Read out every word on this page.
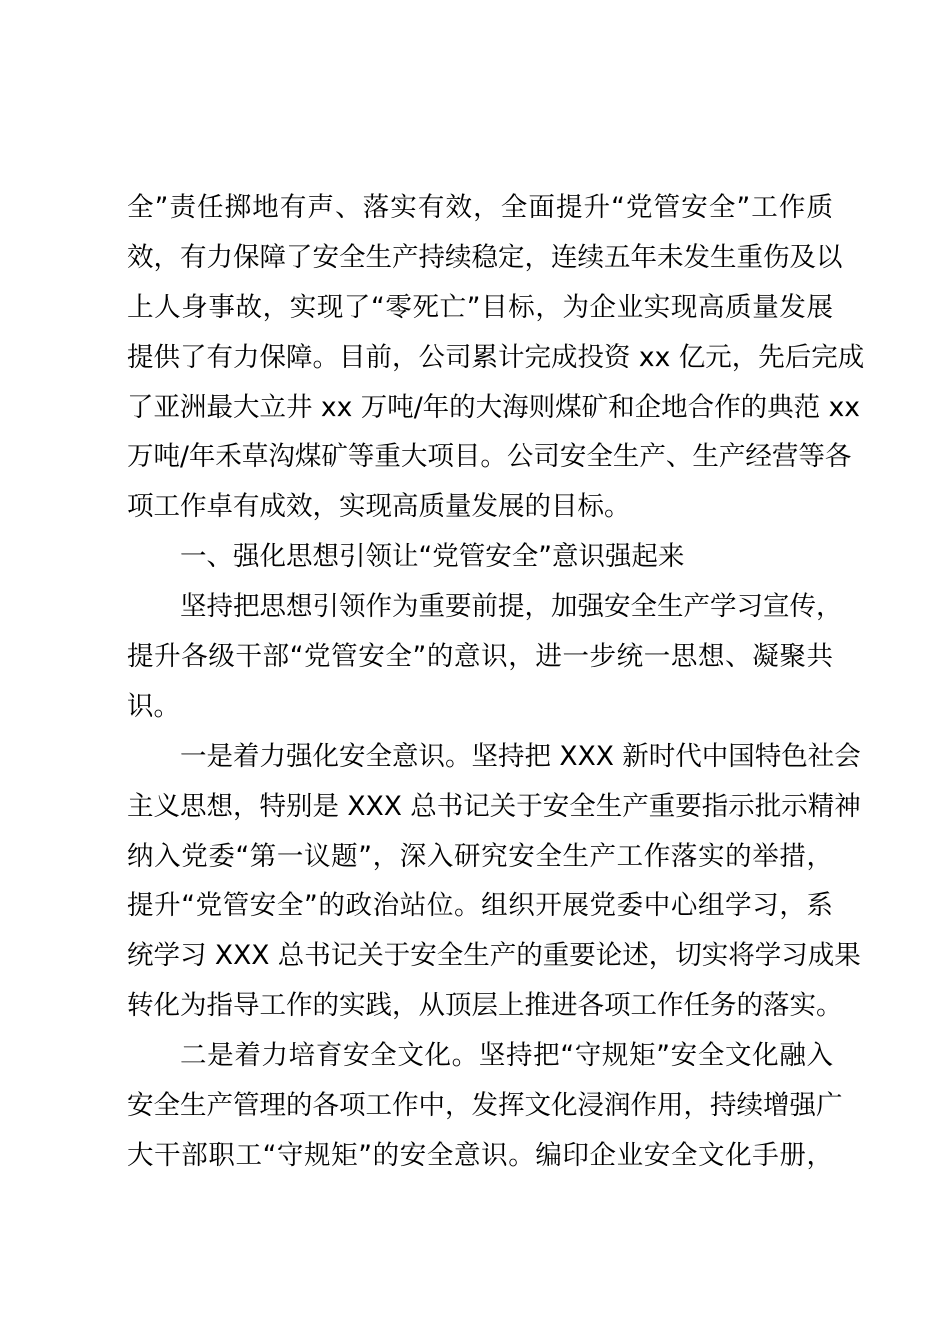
全”责任掷地有声、落实有效，全面提升“党管安全”工作质
效，有力保障了安全生产持续稳定，连续五年未发生重伤及以
上人身事故，实现了“零死亡”目标，为企业实现高质量发展
提供了有力保障。目前，公司累计完成投资 xx 亿元，先后完成
了亚洲最大立井 xx 万吨/年的大海则煤矿和企地合作的典范 xx
万吨/年禾草沟煤矿等重大项目。公司安全生产、生产经营等各
项工作卓有成效，实现高质量发展的目标。
一、强化思想引领让“党管安全”意识强起来
坚持把思想引领作为重要前提，加强安全生产学习宣传，
提升各级干部“党管安全”的意识，进一步统一思想、凝聚共
识。
一是着力强化安全意识。坚持把 XXX 新时代中国特色社会
主义思想，特别是 XXX 总书记关于安全生产重要指示批示精神
纳入党委“第一议题”，深入研究安全生产工作落实的举措，
提升“党管安全”的政治站位。组织开展党委中心组学习，系
统学习 XXX 总书记关于安全生产的重要论述，切实将学习成果
转化为指导工作的实践，从顶层上推进各项工作任务的落实。
二是着力培育安全文化。坚持把“守规矩”安全文化融入
安全生产管理的各项工作中，发挥文化浸润作用，持续增强广
大干部职工“守规矩”的安全意识。编印企业安全文化手册，
